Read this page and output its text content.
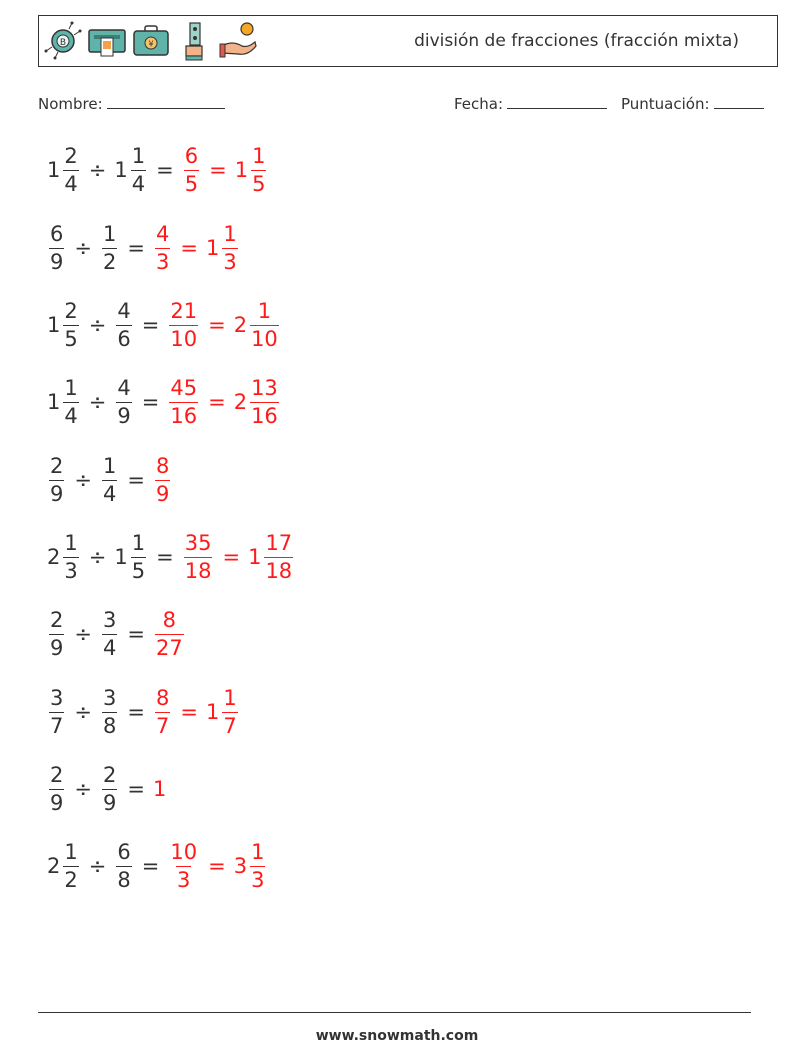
B	¥	división de fracciones (fracción mixta)
Nombre:	Fecha:	Puntuación:
$1 \frac{2}{4} \div 1 \frac{1}{4} = \frac{6}{5} = 1 \frac{1}{5}$
$\frac{6}{9} \div \frac{1}{2} = \frac{4}{3} = 1 \frac{1}{3}$
$1 \frac{2}{5} \div \frac{4}{6} = \frac{21}{10} = 2 \frac{1}{10}$
$1 \frac{1}{4} \div \frac{4}{9} = \frac{45}{16} = 2 \frac{13}{16}$
$\frac{2}{9} \div \frac{1}{4} = \frac{8}{9}$
$2 \frac{1}{3} \div 1 \frac{1}{5} = \frac{35}{18} = 1 \frac{17}{18}$
$\frac{2}{9} \div \frac{3}{4} = \frac{8}{27}$
$\frac{3}{7} \div \frac{3}{8} = \frac{8}{7} = 1 \frac{1}{7}$
$\frac{2}{9} \div \frac{2}{9} = 1$
$2 \frac{1}{2} \div \frac{6}{8} = \frac{10}{3} = 3 \frac{1}{3}$
www.snowmath.com
